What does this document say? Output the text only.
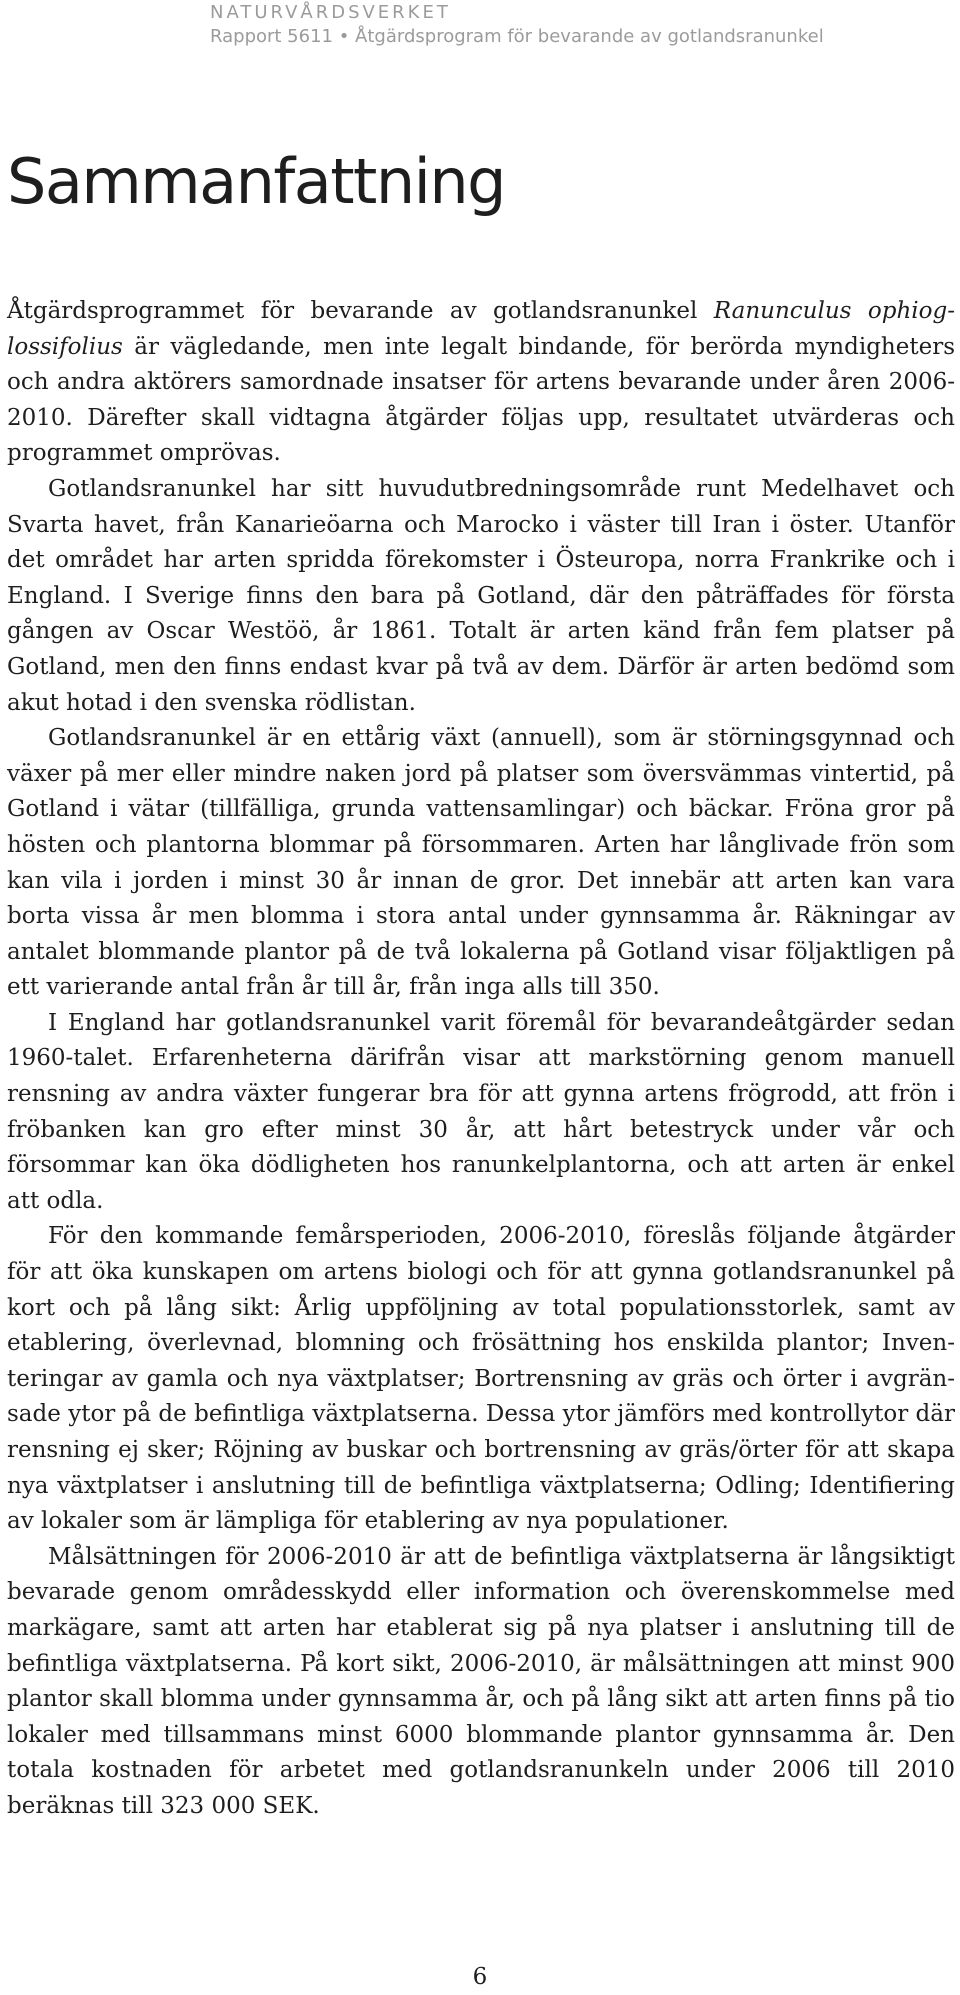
NATURVÅRDSVERKET
Rapport 5611 • Åtgärdsprogram för bevarande av gotlandsranunkel
Sammanfattning

Åtgärdsprogrammet för bevarande av gotlandsranunkel Ranunculus ophioglossifolius är vägledande, men inte legalt bindande, för berörda myndigheters och andra aktörers samordnade insatser för artens bevarande under åren 2006-2010. Därefter skall vidtagna åtgärder följas upp, resultatet utvärderas och programmet omprövas.

Gotlandsranunkel har sitt huvudutbredningsområde runt Medelhavet och Svarta havet, från Kanarieöarna och Marocko i väster till Iran i öster. Utanför det området har arten spridda förekomster i Östeuropa, norra Frankrike och i England. I Sverige finns den bara på Gotland, där den påträffades för första gången av Oscar Westöö, år 1861. Totalt är arten känd från fem platser på Gotland, men den finns endast kvar på två av dem. Därför är arten bedömd som akut hotad i den svenska rödlistan.

Gotlandsranunkel är en ettårig växt (annuell), som är störningsgynnad och växer på mer eller mindre naken jord på platser som översvämmas vintertid, på Gotland i vätar (tillfälliga, grunda vattensamlingar) och bäckar. Fröna gror på hösten och plantorna blommar på försommaren. Arten har långlivade frön som kan vila i jorden i minst 30 år innan de gror. Det innebär att arten kan vara borta vissa år men blomma i stora antal under gynnsamma år. Räkningar av antalet blommande plantor på de två lokalerna på Gotland visar följaktligen på ett varierande antal från år till år, från inga alls till 350.

I England har gotlandsranunkel varit föremål för bevarandeåtgärder sedan 1960-talet. Erfarenheterna därifrån visar att markstörning genom manuell rensning av andra växter fungerar bra för att gynna artens frögrodd, att frön i fröbanken kan gro efter minst 30 år, att hårt betestryck under vår och försommar kan öka dödligheten hos ranunkelplantorna, och att arten är enkel att odla.

För den kommande femårsperioden, 2006-2010, föreslås följande åtgärder för att öka kunskapen om artens biologi och för att gynna gotlandsranunkel på kort och på lång sikt: Årlig uppföljning av total populationsstorlek, samt av etablering, överlevnad, blomning och frösättning hos enskilda plantor; Inventeringar av gamla och nya växtplatser; Bortrensning av gräs och örter i avgränsade ytor på de befintliga växtplatserna. Dessa ytor jämförs med kontrollytor där rensning ej sker; Röjning av buskar och bortrensning av gräs/örter för att skapa nya växtplatser i anslutning till de befintliga växtplatserna; Odling; Identifiering av lokaler som är lämpliga för etablering av nya populationer.

Målsättningen för 2006-2010 är att de befintliga växtplatserna är långsiktigt bevarade genom områdesskydd eller information och överenskommelse med markägare, samt att arten har etablerat sig på nya platser i anslutning till de befintliga växtplatserna. På kort sikt, 2006-2010, är målsättningen att minst 900 plantor skall blomma under gynnsamma år, och på lång sikt att arten finns på tio lokaler med tillsammans minst 6000 blommande plantor gynnsamma år. Den totala kostnaden för arbetet med gotlandsranunkeln under 2006 till 2010 beräknas till 323 000 SEK.

6
